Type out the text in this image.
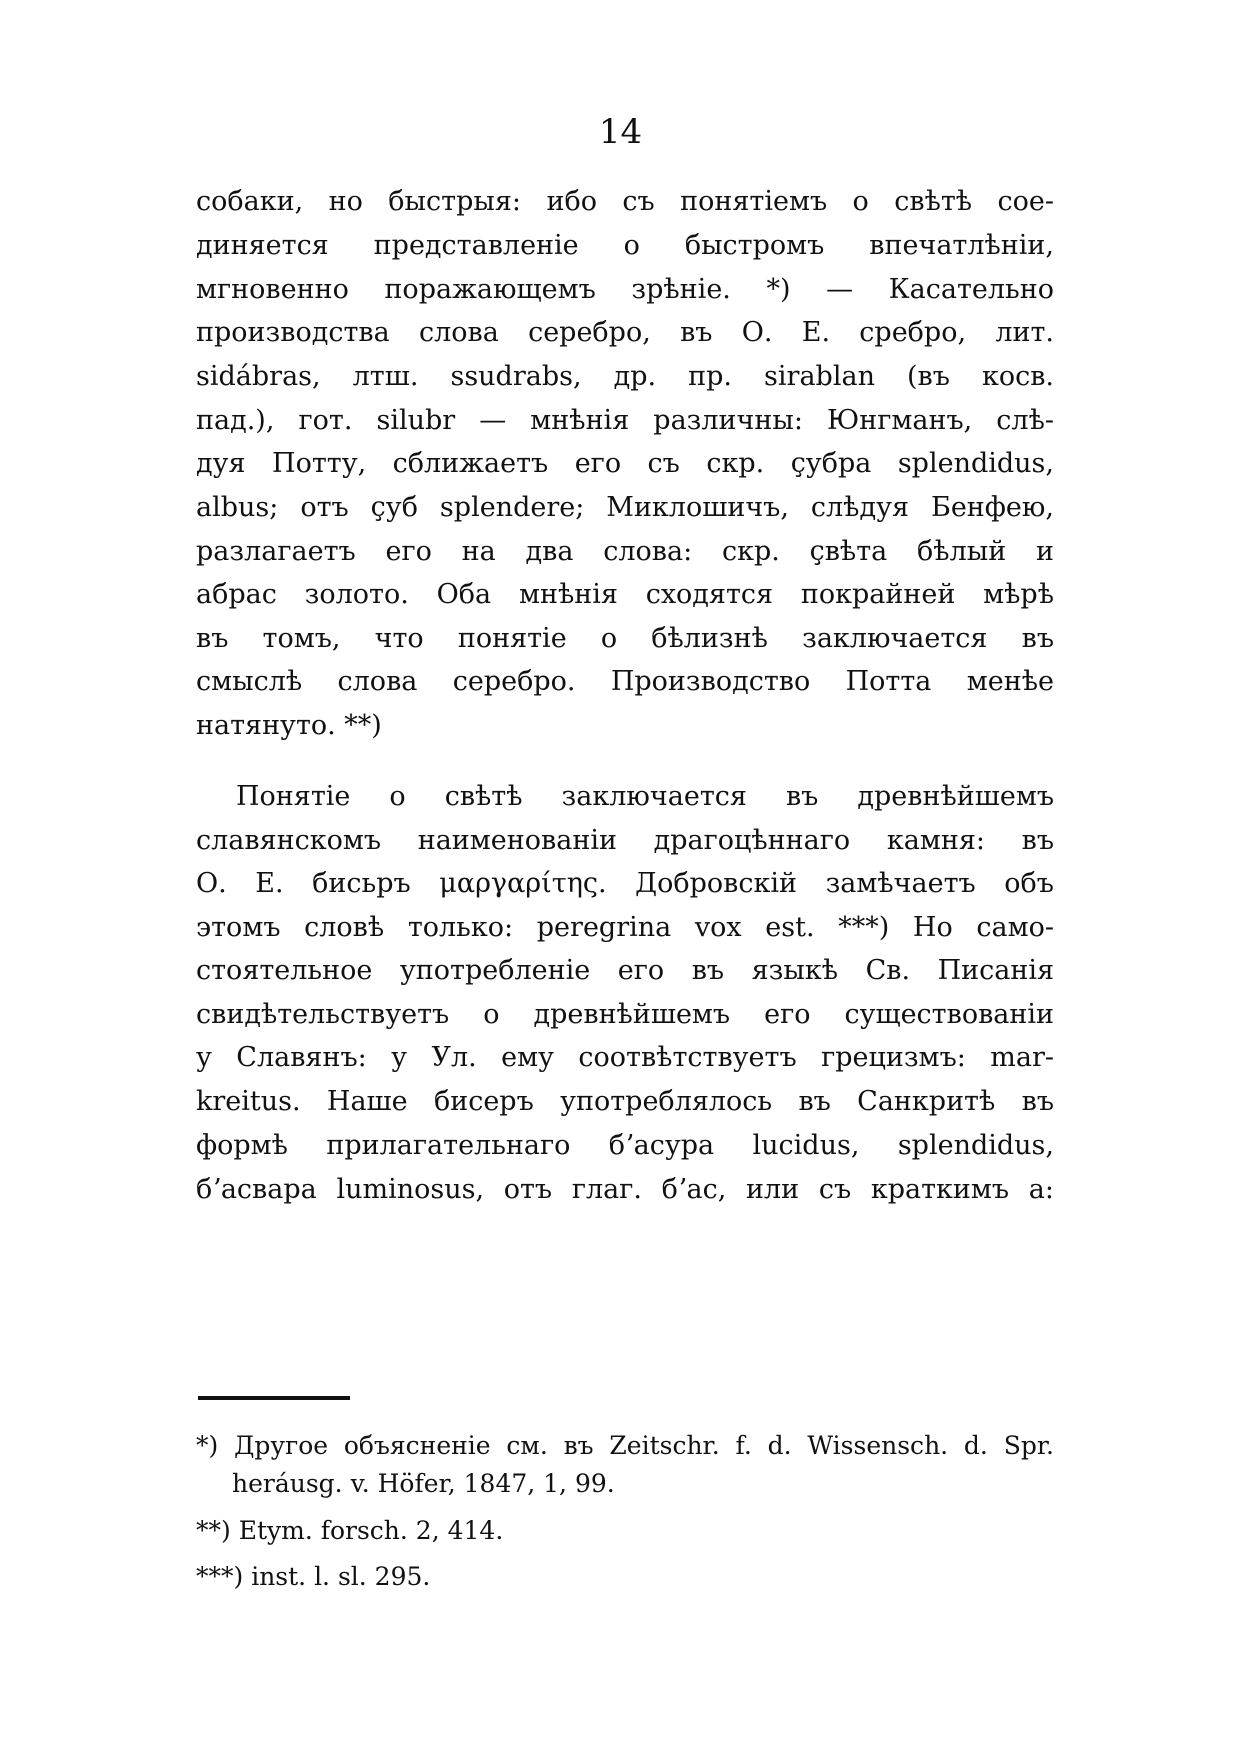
14
собаки, но быстрыя: ибо съ понятіемъ о свѣтѣ сое-
диняется представленіе о быстромъ впечатлѣніи,
мгновенно поражающемъ зрѣніе. *) — Касательно
производства слова серебро, въ О. Е. сребро, лит.
sidábras, лтш. ssudrabs, др. пр. sirablan (въ косв.
пад.), гот. silubr — мнѣнія различны: Юнгманъ, слѣ-
дуя Потту, сближаетъ его съ скр. çубра splendidus,
albus; отъ çуб splendere; Миклошичъ, слѣдуя Бенфею,
разлагаетъ его на два слова: скр. çвѣта бѣлый и
абрас золото. Оба мнѣнія сходятся покрайней мѣрѣ
въ томъ, что понятіе о бѣлизнѣ заключается въ
смыслѣ слова серебро. Производство Потта менѣе
натянуто. **)
Понятіе о свѣтѣ заключается въ древнѣйшемъ
славянскомъ наименованіи драгоцѣннаго камня: въ
О. Е. бисьръ μαργαρίτης. Добровскій замѣчаетъ объ
этомъ словѣ только: peregrina vox est. ***) Но само-
стоятельное употребленіе его въ языкѣ Св. Писанія
свидѣтельствуетъ о древнѣйшемъ его существованіи
у Славянъ: у Ул. ему соотвѣтствуетъ грецизмъ: mar-
kreitus. Наше бисеръ употреблялось въ Санкритѣ въ
формѣ прилагательнаго бʼасура lucidus, splendidus,
бʼасвара luminosus, отъ глаг. бʼас, или съ краткимъ а:
*) Другое объясненіе см. въ Zeitschr. f. d. Wissensch. d. Spr.
heráusg. v. Höfer, 1847, 1, 99.
**) Etym. forsch. 2, 414.
***) inst. l. sl. 295.
